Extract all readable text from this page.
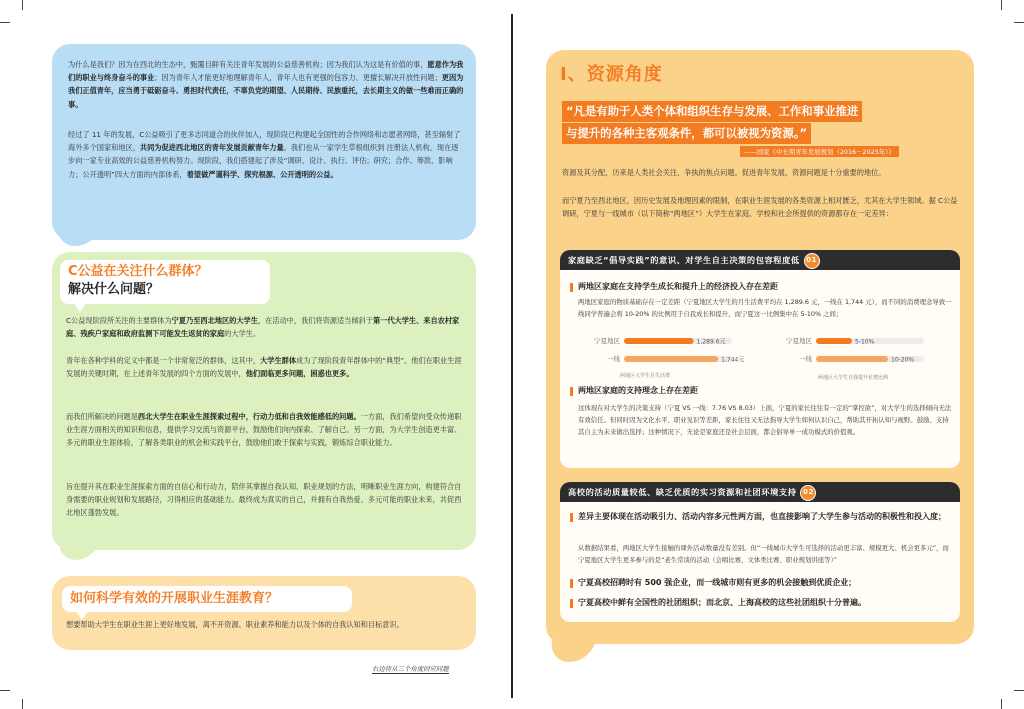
为什么是我们？因为在西北的生态中，甄霭目鲜有关注青年发展的公益慈善机构；因为我们认为这是有价值的事，愿意作为我们的职业与终身奋斗的事业；因为青年人才能更好地理解青年人，青年人也有更强的包容力、更擅长解决开放性问题；更因为我们正值青年，应当勇于砥砺奋斗、勇担时代责任，不辜负党的期望、人民期待、民族重托，去长期主义的做一些难而正确的事。
经过了 11 年的发展，C公益吸引了更多志同道合的伙伴加入，现阶段已构建起全国性的合作网络和志愿者网络，甚至辐射了海外多个国家和地区，共同为促进西北地区的青年发展贡献青年力量。我们也从一家学生草根组织到 注册法人机构，现在逐步向一家专业高效的公益慈善机构努力。现阶段，我们搭建起了涉及“调研、设计、执行、评估；研究；合作、筹款、影响力；公开透明”四大方面的内部体系，着望做严谨科学、探究根源、公开透明的公益。
C公益在关注什么群体？
解决什么问题？
C公益现阶段所关注的主要群体为宁夏乃至西北地区的大学生，在活动中，我们将资源适当倾斜于第一代大学生、来自农村家庭、残疾户家庭和政府监测下可能发生返贫的家庭的大学生。
青年在各种学科的定义中都是一个非常宽泛的群体，这其中，大学生群体成为了现阶段青年群体中的“典型”。他们在职业生涯发展的关键时期，在上述青年发展的四个方面的发展中，他们面临更多问题，困惑也更多。
而我们所解决的问题是西北大学生在职业生涯探索过程中，行动力低和自我效能感低的问题。一方面，我们希望向受众传递职业生涯方面相关的知识和信息，提供学习交流与资源平台，鼓励他们向内探索、了解自己。另一方面，为大学生创造更丰富、多元的职业生涯体验，了解各类职业的机会和实践平台，鼓励他们敢于探索与实践，锻炼综合职业能力。
旨在提升其在职业生涯探索方面的自信心和行动力，陪伴其掌握自我认知、职业规划的方法，明晰职业生涯方向，构建符合自身需要的职业规划和发展路径，习得相应的基础能力。最终成为真实的自己，并拥有自我热爱、多元可能的职业未来，共促西北地区蓬勃发展。
如何科学有效的开展职业生涯教育？
想要帮助大学生在职业生涯上更好地发展，离不开资源、职业素养和能力以及个体的自我认知和目标意识。
右边将从三个角度回应问题
I、资源角度
“凡是有助于人类个体和组织生存与发展、工作和事业推进 与提升的各种主客观条件，都可以被视为资源。”
——国家《中长期青年发展规划（2016－2025年）》
资源及其分配，历来是人类社会关注、争执的焦点问题。促进青年发展，资源问题是十分重要的地位。
而宁夏乃至西北地区，因历史发展及地理因素的限制，在职业生涯发展的各类资源上相对匮乏，尤其在大学生领域。据 C公益调研，宁夏与一线城市（以下简称“两地区”）大学生在家庭、学校和社会所提供的资源都存在一定差异：
家庭缺乏“倡导实践”的意识、对学生自主决策的包容程度低 01
两地区家庭在支持学生成长和提升上的经济投入存在差距
两地区家庭的物质基础存在一定差距（宁夏地区大学生的月生活费平均在 1,289.6 元，一线在 1,744 元），而不同的消费理念导致一线同学普遍会将 10-20% 的比例用于自我成长和提升，而宁夏这一比例集中在 5-10% 之间；
宁夏地区	1,289.6元
一线	1,744元
两地区大学生月生活费
宁夏地区	5-10%
一线	10-20%
两地区大学生自我提升花费比例
两地区家庭的支持理念上存在差距
这体现在对大学生的决策支持（宁夏 VS 一线：7.76 VS 8.03）上面，宁夏的家长往往有一定的“掌控欲”，对大学生的选择倾向无法有效信任。但同时因为文化水平、职业见识等差距，家长往往又无法指导大学生如何认识自己，帮助其开拓认知与视野。鼓励、支持其自主为未来做出选择；这种情况下，无论是家庭还是社会层面，都会倡导单一成功模式的价值观。
高校的活动质量较低、缺乏优质的实习资源和社团环境支持 02
差异主要体现在活动吸引力、活动内容多元性两方面，也直接影响了大学生参与活动的积极性和投入度；
从数据结果看，两地区大学生接触的课外活动数量没有差别。但“一线城市大学生可选择的活动更丰富、规模更大、机会更多元”，而宁夏地区大学生更多参与的是“老生常谈的活动（会唱比赛、文体类比赛、职业规划讲座等）”
宁夏高校招聘时有 500 强企业，而一线城市则有更多的机会接触到优质企业；
宁夏高校中鲜有全国性的社团组织；而北京、上海高校的这些社团组织十分普遍。
